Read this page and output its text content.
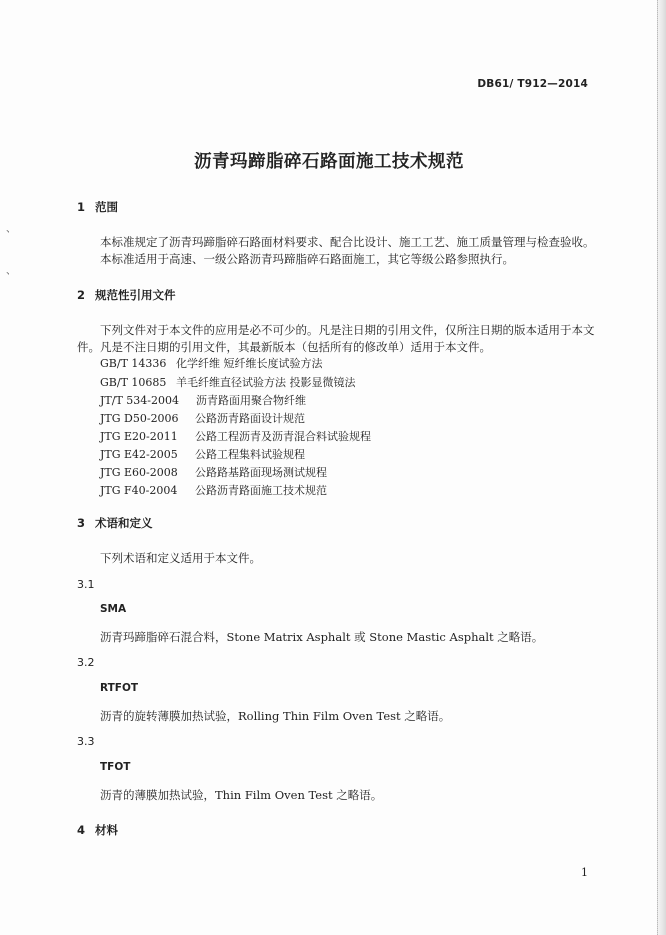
DB61/ T912—2014
沥青玛蹄脂碎石路面施工技术规范
、
、
1 范围
本标准规定了沥青玛蹄脂碎石路面材料要求、配合比设计、施工工艺、施工质量管理与检查验收。
本标准适用于高速、一级公路沥青玛蹄脂碎石路面施工，其它等级公路参照执行。
2 规范性引用文件
下列文件对于本文件的应用是必不可少的。凡是注日期的引用文件，仅所注日期的版本适用于本文
件。凡是不注日期的引用文件，其最新版本（包括所有的修改单）适用于本文件。
GB/T 14336 化学纤维 短纤维长度试验方法
GB/T 10685 羊毛纤维直径试验方法 投影显微镜法
JT/T 534-2004 沥青路面用聚合物纤维
JTG D50-2006 公路沥青路面设计规范
JTG E20-2011 公路工程沥青及沥青混合料试验规程
JTG E42-2005 公路工程集料试验规程
JTG E60-2008 公路路基路面现场测试规程
JTG F40-2004 公路沥青路面施工技术规范
3 术语和定义
下列术语和定义适用于本文件。
3.1
SMA
沥青玛蹄脂碎石混合料，Stone Matrix Asphalt 或 Stone Mastic Asphalt 之略语。
3.2
RTFOT
沥青的旋转薄膜加热试验，Rolling Thin Film Oven Test 之略语。
3.3
TFOT
沥青的薄膜加热试验，Thin Film Oven Test 之略语。
4 材料
1
